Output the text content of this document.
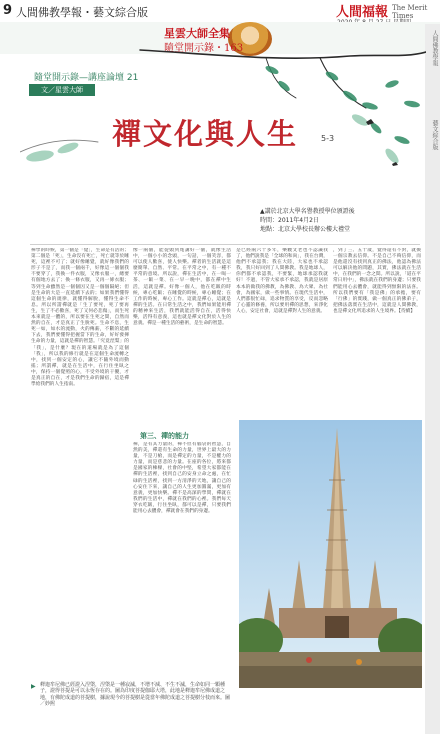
9 人間佛教學報・藝文綜合版	人間福報 The Merit Times
星雲大師全集
隨堂開示錄・163	人間佛教學報
藝文綜合版
隨堂開示錄—講座論壇 21
文／星雲大師
禪文化與人生	5-3
▲講於北京大學名譽教授學位頒證後
時間：2011年4月2日
地點：北京大學校長辦公樓大禮堂
禪學的時候，第一個是「覺」，生命是有活的；第二個是「死」，生命沒有死亡，死亡就等於睡死，這裡不可了；就好像睡覺，就好像我們的形子不是了，而我一個兩千，好像這一個個我不要穿了，我換一件衣服，又像衣服一，總要有個地方去了；換一條衣服，又再一條衣服；等到生命雖然是一個個因又是一個個隔絕；但是生命的大是一直延續下去的；如果我們懂得這個生命的規律，就懂得解脫，懂得生命不息。所以所謂禪就是「生了要死，死了要再生，生了不必歡喜，死了又何必悲傷」，而生死本來就是一體的，所以要在生死之間，自然而然的自在，才是真正了生脫死。生命不息，生死一如，如水的流動，火的傳薪，不斷的延續下去，我們要懂得把握當下的生命，好好發揮生命的力量，這就是禪的智慧。「究竟涅槃」的「我」，是什麼？現在的道場就是為了這個「我」，所以我的修行就是在這個生命流轉之中，找到一個安定的心，讓它不隨外境而動搖；所謂禪，就是在生活中，在行住坐臥之中，保持一個覺照的心，不受外境的干擾，才是真正的自在，才是我們生命的歸宿，這是禪學給我們的人生指南。
像一兩個，能從頭到尾講好一個，就像生活中，一個小小的念頭，一句話，一個笑容，都可以使人歡喜，使人快樂。禪者的生活就是這麼簡單、自然、平常。在平常之中，有一種不平常的意境。所以說，禪在生活中，在一喝一茶、一飯一菜、在一早一晚中，都在禪中生活，這就是禪。好像一個人，他在吃飯的時候，專心吃飯；在睡覺的時候，專心睡覺；在工作的時候，專心工作。這就是禪心，這就是禪的生活。在日常生活之中，我們如果能用禪的精神來生活，我們就能活得自在，活得快樂，活得有意義，這也就是禪文化對於人生的意義。禪是一種生活的藝術，是生命的智慧。
是已經兩六十多年，樂觀文老也不認識我了，他們說我是「全球的和尚」，我在台灣，他們不承認我；我在大陸，大家也不承認我，我只好回到了人間佛教。我是地球人，你們都不承認我，不要緊，地球承認我就好！不過，不管大家承不承認，我就是居原本本的做我的佛教，為佛教、為大眾、為社會，為國家，做一些事情。在現代生活中，人們都很忙碌，追求物質的享受，反而忽略了心靈的修養，所以要用禪的思想，來淨化人心，安定社會，這就是禪對人生的意義。
，到了三、五十歲，覺得還有不對，就換一個宗教去信仰。不是自己不夠信仰，而是他還沒有找到真正的佛法，他認為佛法可以解決他的問題，其實，佛法就在生活中，在我們的一念之間。所以說，「道在平常日用中」，佛法就在我們的身邊；只要我們能用心去體會，就能得到無限的法喜。所以我們要有「我是佛」的承擔，要有「行佛」的實踐，做一個真正的佛弟子，把佛法落實在生活中，這就是人間佛教，也是禪文化所追求的人生境界。【待續】
第三、禪的能力
禪，是有其力量的，禪不但有腦袋的智慧，自然的美，禪還有生命的力量，世界上最大的力量，不是刀槍，而是禪定的力量，不是權力的力量，而是慈悲的力量。在座的各位，將來都是國家的棟樑，社會的中堅，希望大家都能在禪的生活裡，找到自己的安身立命之處，在忙碌的生活裡，找到一方清淨的天地，讓自己的心安住下來，讓自己的人生更加圓滿，更加有意義，更加快樂。禪不是高深的學問，禪就在我們的生活中，禪就在我們的心裡。我們每天穿衣吃飯，行住坐臥，都可以是禪，只要我們能用心去體會，禪就會在我們的身邊。
▶ 釋迦牟尼佛已經證入涅槃，涅槃是一種寂滅，不增不減、不生不滅，生命如同一顆種子，證得菩提是可以永恆存在的。圖為印度菩提伽耶大塔，此地是釋迦牟尼佛成道之地，有佛陀成道的菩提樹，據說現今的菩提樹是從當年佛陀成道之菩提樹分枝而來。圖／妙熙
